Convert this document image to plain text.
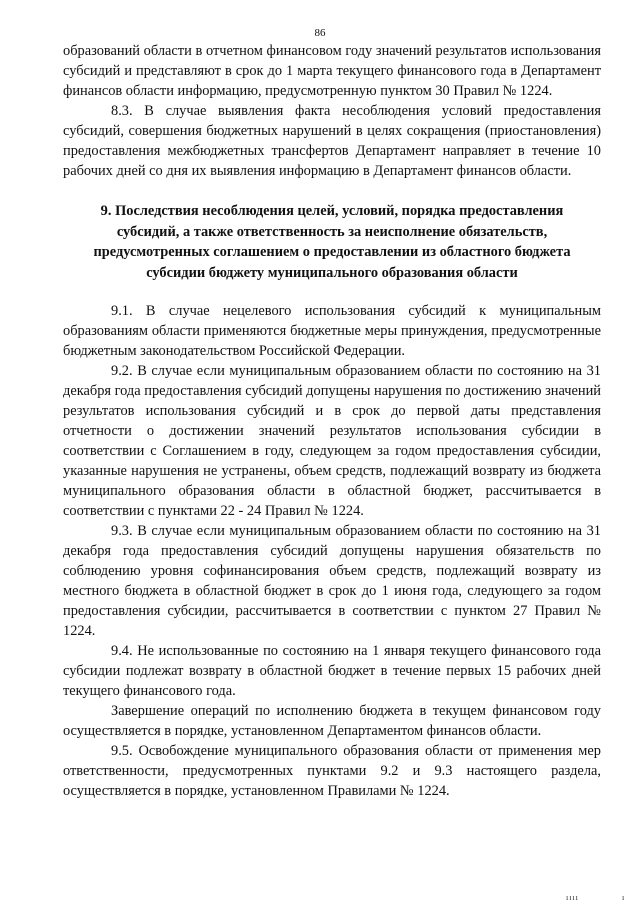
86

образований области в отчетном финансовом году значений результатов использования субсидий и представляют в срок до 1 марта текущего финансового года в Департамент финансов области информацию, предусмотренную пунктом 30 Правил № 1224.

8.3. В случае выявления факта несоблюдения условий предоставления субсидий, совершения бюджетных нарушений в целях сокращения (приостановления) предоставления межбюджетных трансфертов Департамент направляет в течение 10 рабочих дней со дня их выявления информацию в Департамент финансов области.

9. Последствия несоблюдения целей, условий, порядка предоставления субсидий, а также ответственность за неисполнение обязательств, предусмотренных соглашением о предоставлении из областного бюджета субсидии бюджету муниципального образования области

9.1. В случае нецелевого использования субсидий к муниципальным образованиям области применяются бюджетные меры принуждения, предусмотренные бюджетным законодательством Российской Федерации.

9.2. В случае если муниципальным образованием области по состоянию на 31 декабря года предоставления субсидий допущены нарушения по достижению значений результатов использования субсидий и в срок до первой даты представления отчетности о достижении значений результатов использования субсидии в соответствии с Соглашением в году, следующем за годом предоставления субсидии, указанные нарушения не устранены, объем средств, подлежащий возврату из бюджета муниципального образования области в областной бюджет, рассчитывается в соответствии с пунктами 22 - 24 Правил № 1224.

9.3. В случае если муниципальным образованием области по состоянию на 31 декабря года предоставления субсидий допущены нарушения обязательств по соблюдению уровня софинансирования объем средств, подлежащий возврату из местного бюджета в областной бюджет в срок до 1 июня года, следующего за годом предоставления субсидии, рассчитывается в соответствии с пунктом 27 Правил № 1224.

9.4. Не использованные по состоянию на 1 января текущего финансового года субсидии подлежат возврату в областной бюджет в течение первых 15 рабочих дней текущего финансового года.

Завершение операций по исполнению бюджета в текущем финансовом году осуществляется в порядке, установленном Департаментом финансов области.

9.5. Освобождение муниципального образования области от применения мер ответственности, предусмотренных пунктами 9.2 и 9.3 настоящего раздела, осуществляется в порядке, установленном Правилами № 1224.

ıııı	ı
